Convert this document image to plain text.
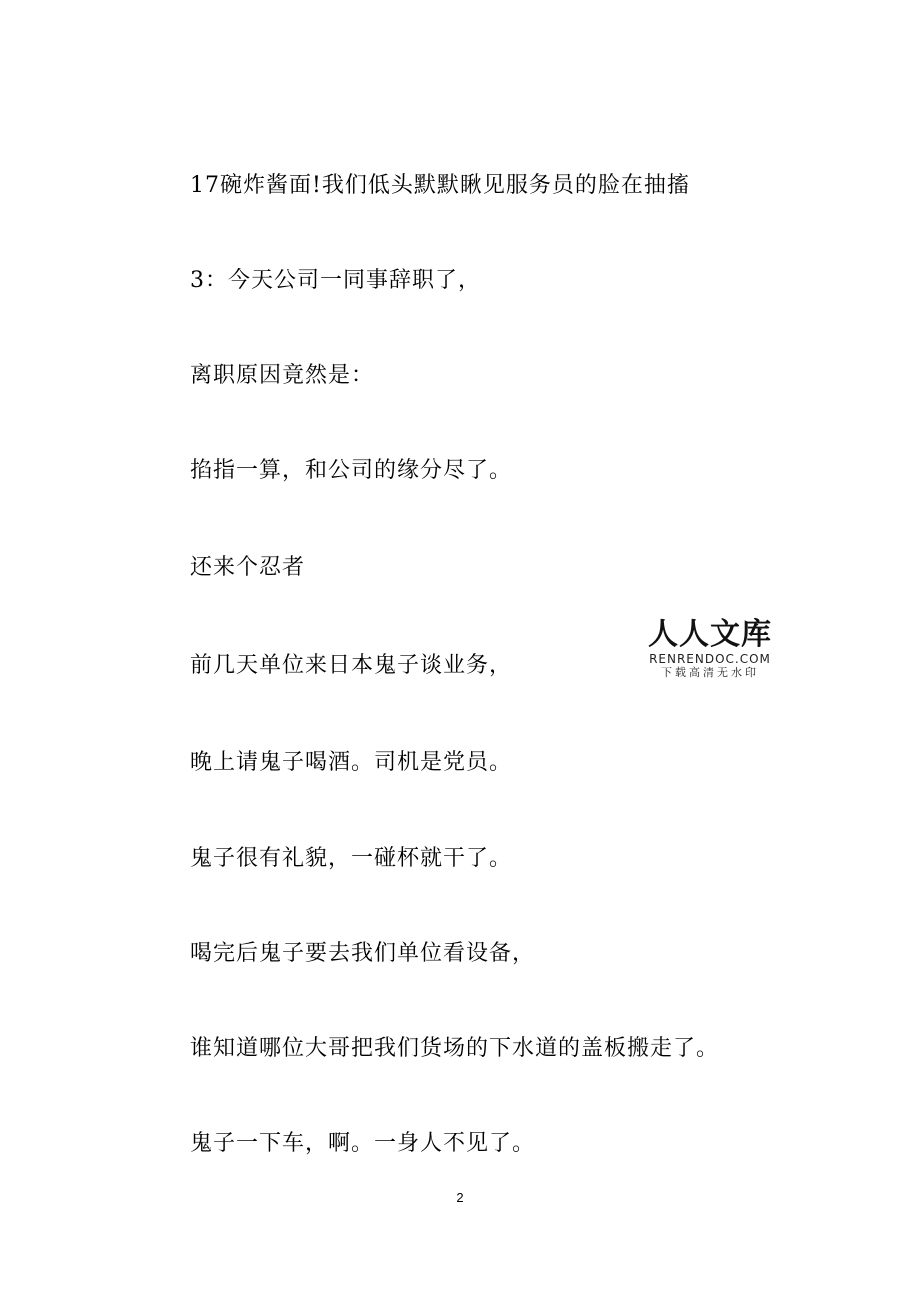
17碗炸酱面!我们低头默默瞅见服务员的脸在抽搐
3：今天公司一同事辞职了，
离职原因竟然是：
掐指一算，和公司的缘分尽了。
还来个忍者
前几天单位来日本鬼子谈业务，
晚上请鬼子喝酒。司机是党员。
鬼子很有礼貌，一碰杯就干了。
喝完后鬼子要去我们单位看设备，
谁知道哪位大哥把我们货场的下水道的盖板搬走了。
鬼子一下车，啊。一身人不见了。
人人文库
RENRENDOC.COM
下载高清无水印
2
